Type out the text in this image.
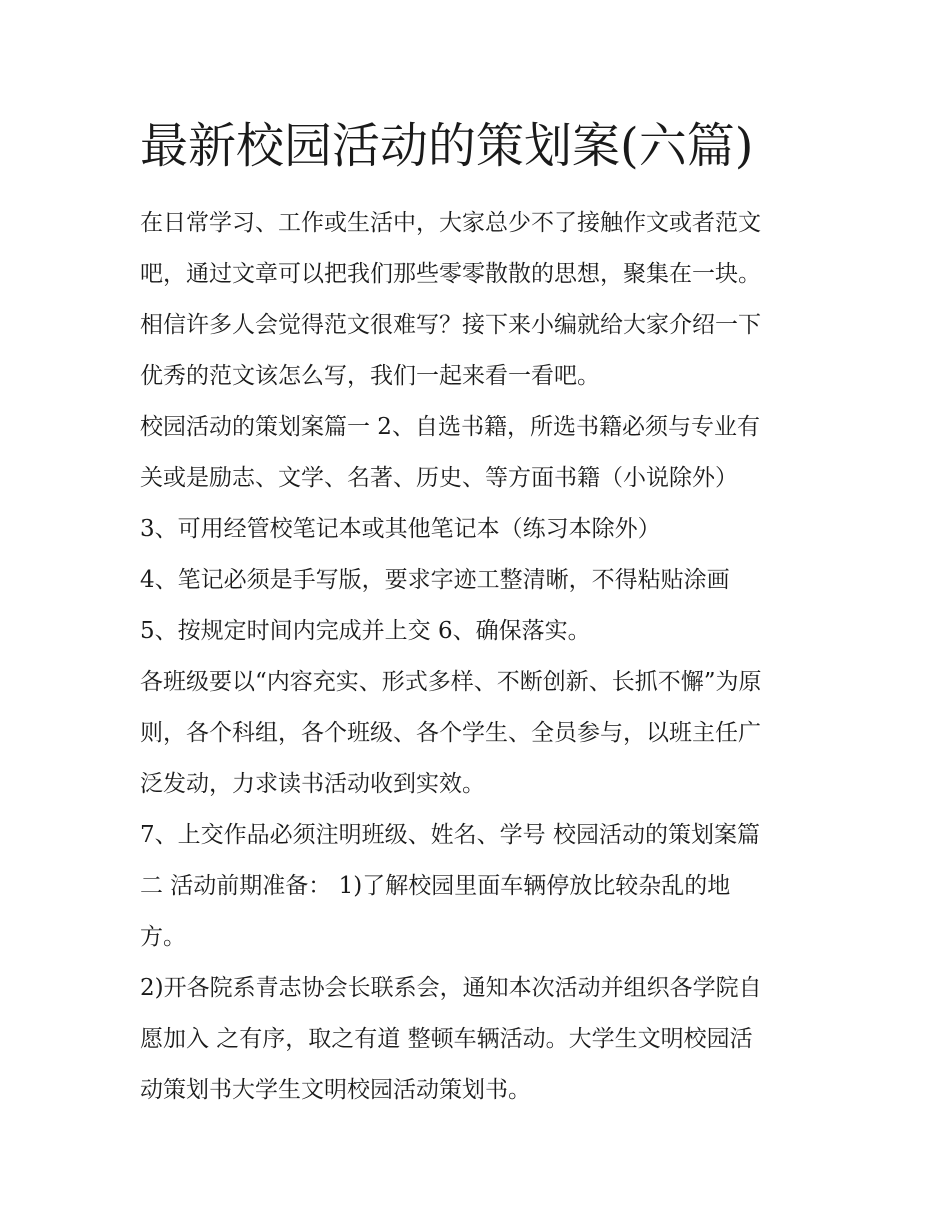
最新校园活动的策划案(六篇)

在日常学习、工作或生活中，大家总少不了接触作文或者范文

吧，通过文章可以把我们那些零零散散的思想，聚集在一块。

相信许多人会觉得范文很难写？接下来小编就给大家介绍一下

优秀的范文该怎么写，我们一起来看一看吧。

校园活动的策划案篇一 2、自选书籍，所选书籍必须与专业有

关或是励志、文学、名著、历史、等方面书籍（小说除外）

3、可用经管校笔记本或其他笔记本（练习本除外）

4、笔记必须是手写版，要求字迹工整清晰，不得粘贴涂画

5、按规定时间内完成并上交 6、确保落实。

各班级要以“内容充实、形式多样、不断创新、长抓不懈”为原

则，各个科组，各个班级、各个学生、全员参与，以班主任广

泛发动，力求读书活动收到实效。

7、上交作品必须注明班级、姓名、学号 校园活动的策划案篇

二 活动前期准备： 1)了解校园里面车辆停放比较杂乱的地

方。

2)开各院系青志协会长联系会，通知本次活动并组织各学院自

愿加入 之有序，取之有道 整顿车辆活动。大学生文明校园活

动策划书大学生文明校园活动策划书。
